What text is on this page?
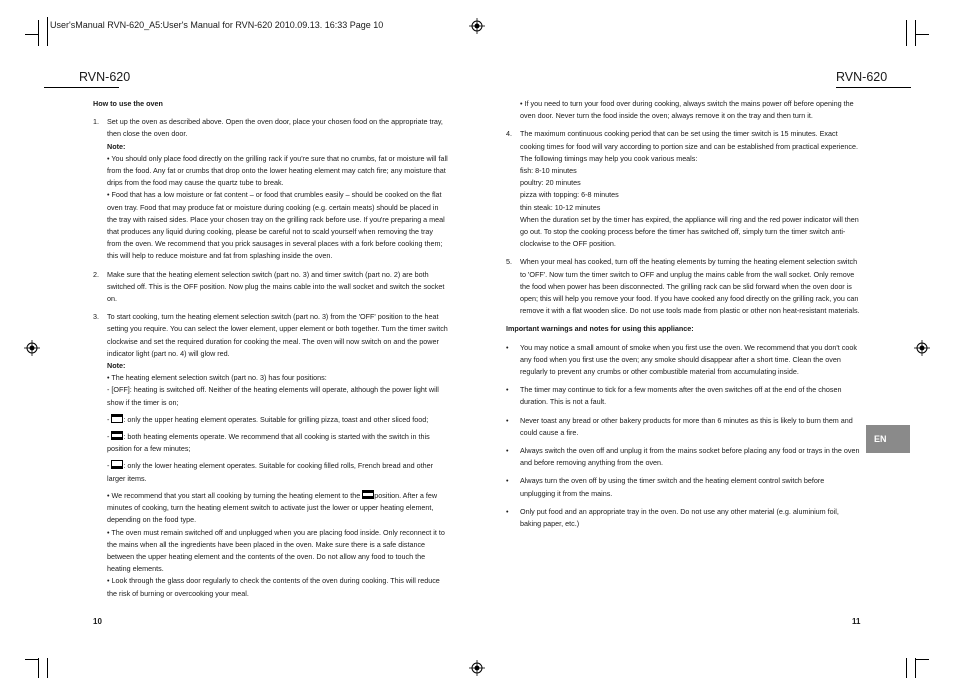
User'sManual RVN-620_A5:User's Manual for RVN-620 2010.09.13. 16:33 Page 10
RVN-620	RVN-620

How to use the oven

1. Set up the oven as described above. Open the oven door, place your chosen food on the appropriate tray, then close the oven door.

Note:

• You should only place food directly on the grilling rack if you're sure that no crumbs, fat or moisture will fall from the food. Any fat or crumbs that drop onto the lower heating element may catch fire; any moisture that drips from the food may cause the quartz tube to break.

• Food that has a low moisture or fat content – or food that crumbles easily – should be cooked on the flat oven tray. Food that may produce fat or moisture during cooking (e.g. certain meats) should be placed in the tray with raised sides. Place your chosen tray on the grilling rack before use. If you're preparing a meal that produces any liquid during cooking, please be careful not to scald yourself when removing the tray from the oven. We recommend that you prick sausages in several places with a fork before cooking them; this will help to reduce moisture and fat from splashing inside the oven.

2. Make sure that the heating element selection switch (part no. 3) and timer switch (part no. 2) are both switched off. This is the OFF position. Now plug the mains cable into the wall socket and switch the socket on.

3. To start cooking, turn the heating element selection switch (part no. 3) from the 'OFF' position to the heat setting you require. You can select the lower element, upper element or both together. Turn the timer switch clockwise and set the required duration for cooking the meal. The oven will now switch on and the power indicator light (part no. 4) will glow red.

Note:

• The heating element selection switch (part no. 3) has four positions:

- [OFF]: heating is switched off. Neither of the heating elements will operate, although the power light will show if the timer is on;

- : only the upper heating element operates. Suitable for grilling pizza, toast and other sliced food;

- : both heating elements operate. We recommend that all cooking is started with the switch in this position for a few minutes;

- : only the lower heating element operates. Suitable for cooking filled rolls, French bread and other larger items.

• We recommend that you start all cooking by turning the heating element to the position. After a few minutes of cooking, turn the heating element switch to activate just the lower or upper heating element, depending on the food type.

• The oven must remain switched off and unplugged when you are placing food inside. Only reconnect it to the mains when all the ingredients have been placed in the oven. Make sure there is a safe distance between the upper heating element and the contents of the oven. Do not allow any food to touch the heating elements.

• Look through the glass door regularly to check the contents of the oven during cooking. This will reduce the risk of burning or overcooking your meal.

10

• If you need to turn your food over during cooking, always switch the mains power off before opening the oven door. Never turn the food inside the oven; always remove it on the tray and then turn it.

4. The maximum continuous cooking period that can be set using the timer switch is 15 minutes. Exact cooking times for food will vary according to portion size and can be established from practical experience. The following timings may help you cook various meals:

fish: 8-10 minutes

poultry: 20 minutes

pizza with topping: 6-8 minutes

thin steak: 10-12 minutes

When the duration set by the timer has expired, the appliance will ring and the red power indicator will then go out. To stop the cooking process before the timer has switched off, simply turn the timer switch anti-clockwise to the OFF position.

5. When your meal has cooked, turn off the heating elements by turning the heating element selection switch to 'OFF'. Now turn the timer switch to OFF and unplug the mains cable from the wall socket. Only remove the food when power has been disconnected. The grilling rack can be slid forward when the oven door is open; this will help you remove your food. If you have cooked any food directly on the grilling rack, you can remove it with a flat wooden slice. Do not use tools made from plastic or other non heat-resistant materials.

Important warnings and notes for using this appliance:

• You may notice a small amount of smoke when you first use the oven. We recommend that you don't cook any food when you first use the oven; any smoke should disappear after a short time. Clean the oven regularly to prevent any crumbs or other combustible material from accumulating inside.

• The timer may continue to tick for a few moments after the oven switches off at the end of the chosen duration. This is not a fault.

• Never toast any bread or other bakery products for more than 6 minutes as this is likely to burn them and could cause a fire.

• Always switch the oven off and unplug it from the mains socket before placing any food or trays in the oven and before removing anything from the oven.

• Always turn the oven off by using the timer switch and the heating element control switch before unplugging it from the mains.

• Only put food and an appropriate tray in the oven. Do not use any other material (e.g. aluminium foil, baking paper, etc.)

EN
11
